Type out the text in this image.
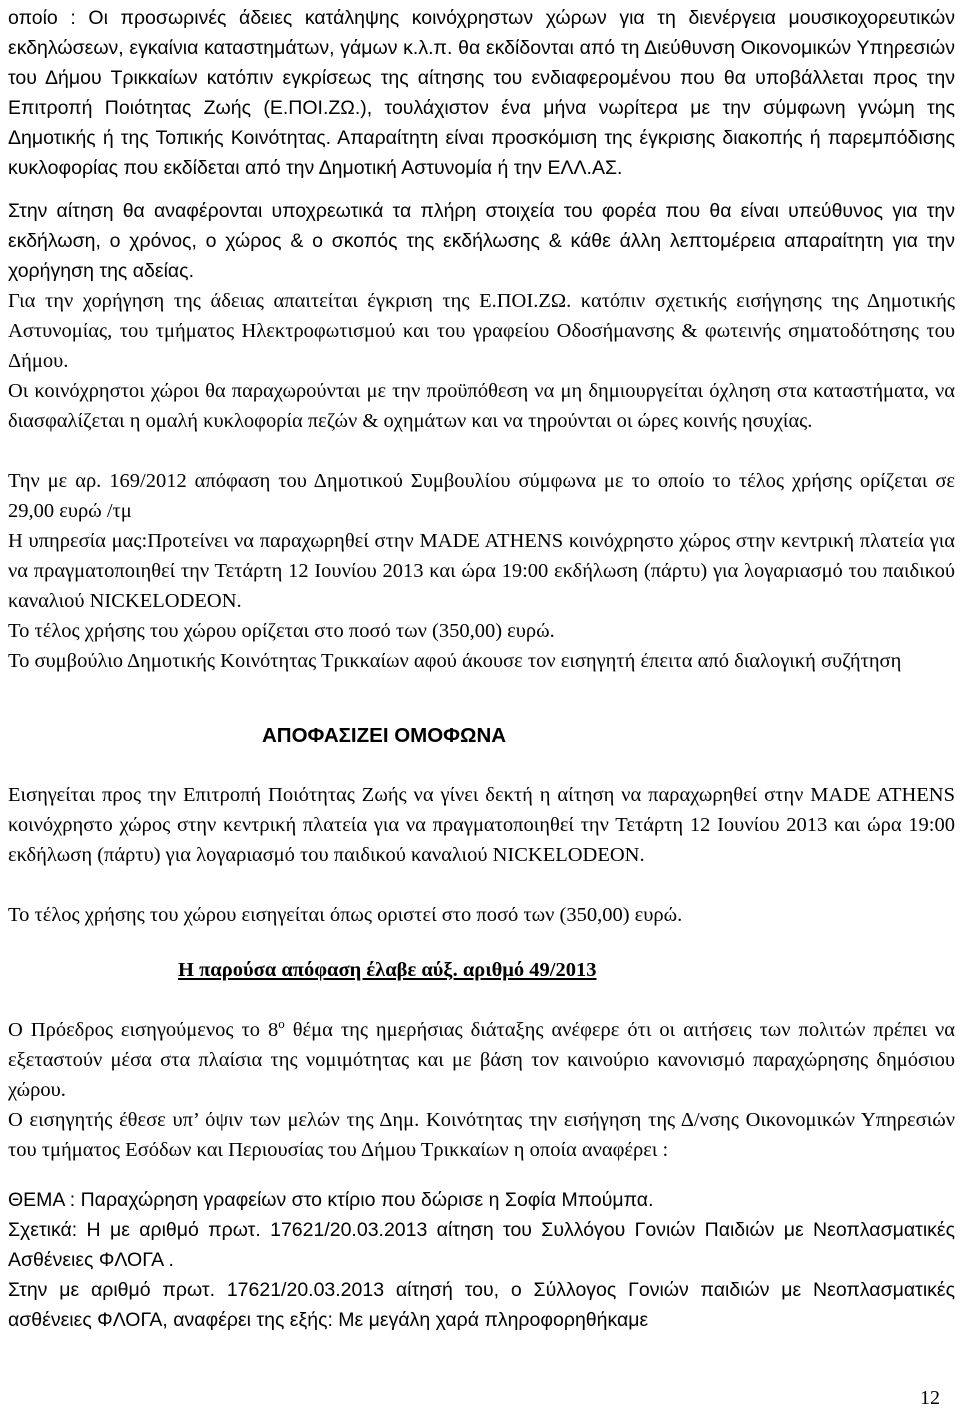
οποίο : Οι προσωρινές άδειες κατάληψης κοινόχρηστων χώρων για τη διενέργεια μουσικοχορευτικών εκδηλώσεων, εγκαίνια καταστημάτων, γάμων κ.λ.π. θα εκδίδονται από τη Διεύθυνση Οικονομικών Υπηρεσιών του Δήμου Τρικκαίων κατόπιν εγκρίσεως της αίτησης του ενδιαφερομένου που θα υποβάλλεται προς την Επιτροπή Ποιότητας Ζωής (Ε.ΠΟΙ.ΖΩ.), τουλάχιστον ένα μήνα νωρίτερα με την σύμφωνη γνώμη της Δημοτικής ή της Τοπικής Κοινότητας. Απαραίτητη είναι προσκόμιση της έγκρισης διακοπής ή παρεμπόδισης κυκλοφορίας που εκδίδεται από την Δημοτική Αστυνομία ή την ΕΛΛ.ΑΣ.
Στην αίτηση θα αναφέρονται υποχρεωτικά τα πλήρη στοιχεία του φορέα που θα είναι υπεύθυνος για την εκδήλωση, ο χρόνος, ο χώρος & ο σκοπός της εκδήλωσης & κάθε άλλη λεπτομέρεια απαραίτητη για την χορήγηση της αδείας.
Για την χορήγηση της άδειας απαιτείται έγκριση της Ε.ΠΟΙ.ΖΩ. κατόπιν σχετικής εισήγησης της Δημοτικής Αστυνομίας, του τμήματος Ηλεκτροφωτισμού και του γραφείου Οδοσήμανσης & φωτεινής σηματοδότησης του Δήμου.
Οι κοινόχρηστοι χώροι θα παραχωρούνται με την προϋπόθεση να μη δημιουργείται όχληση στα καταστήματα, να διασφαλίζεται η ομαλή κυκλοφορία πεζών & οχημάτων και να τηρούνται οι ώρες κοινής ησυχίας.
Την με αρ. 169/2012 απόφαση του Δημοτικού Συμβουλίου σύμφωνα με το οποίο το τέλος χρήσης ορίζεται σε 29,00 ευρώ /τμ
Η υπηρεσία μας:Προτείνει να παραχωρηθεί στην MADE ATHENS κοινόχρηστο χώρος στην κεντρική πλατεία για να πραγματοποιηθεί την Τετάρτη 12 Ιουνίου 2013 και ώρα 19:00 εκδήλωση (πάρτυ) για λογαριασμό του παιδικού καναλιού NICKELODEON.
Το τέλος χρήσης του χώρου ορίζεται στο ποσό των (350,00) ευρώ.
Το συμβούλιο Δημοτικής Κοινότητας Τρικκαίων αφού άκουσε τον εισηγητή έπειτα από διαλογική συζήτηση
ΑΠΟΦΑΣΙΖΕΙ ΟΜΟΦΩΝΑ
Εισηγείται προς την Επιτροπή Ποιότητας Ζωής να γίνει δεκτή η αίτηση να παραχωρηθεί στην MADE ATHENS κοινόχρηστο χώρος στην κεντρική πλατεία για να πραγματοποιηθεί την Τετάρτη 12 Ιουνίου 2013 και ώρα 19:00 εκδήλωση (πάρτυ) για λογαριασμό του παιδικού καναλιού NICKELODEON.
Το τέλος χρήσης του χώρου εισηγείται όπως οριστεί στο ποσό των (350,00) ευρώ.
Η παρούσα απόφαση έλαβε αύξ. αριθμό 49/2013
Ο Πρόεδρος εισηγούμενος το $8^o$ θέμα της ημερήσιας διάταξης ανέφερε ότι οι αιτήσεις των πολιτών πρέπει να εξεταστούν μέσα στα πλαίσια της νομιμότητας και με βάση τον καινούριο κανονισμό παραχώρησης δημόσιου χώρου.
Ο εισηγητής έθεσε υπ’ όψιν των μελών της Δημ. Κοινότητας την εισήγηση της Δ/νσης Οικονομικών Υπηρεσιών του τμήματος Εσόδων και Περιουσίας του Δήμου Τρικκαίων η οποία αναφέρει :
ΘΕΜΑ : Παραχώρηση γραφείων στο κτίριο που δώρισε η Σοφία Μπούμπα.
Σχετικά: Η με αριθμό πρωτ. 17621/20.03.2013 αίτηση του Συλλόγου Γονιών Παιδιών με Νεοπλασματικές Ασθένειες ΦΛΟΓΑ .
Στην με αριθμό πρωτ. 17621/20.03.2013 αίτησή του, ο Σύλλογος Γονιών παιδιών με Νεοπλασματικές ασθένειες ΦΛΟΓΑ, αναφέρει της εξής: Με μεγάλη χαρά πληροφορηθήκαμε
12
